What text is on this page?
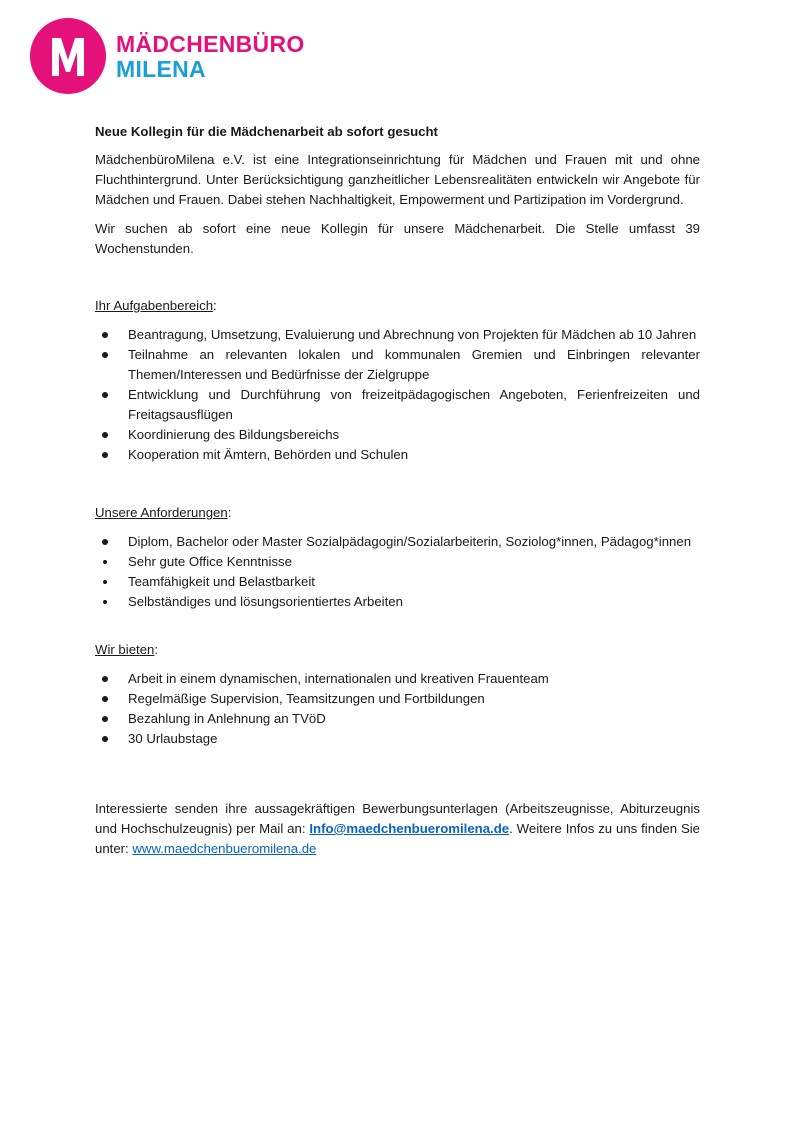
MÄDCHENBÜRO
MILENA
Neue Kollegin für die Mädchenarbeit ab sofort gesucht

MädchenbüroMilena e.V. ist eine Integrationseinrichtung für Mädchen und Frauen mit und ohne Fluchthintergrund. Unter Berücksichtigung ganzheitlicher Lebensrealitäten entwickeln wir Angebote für Mädchen und Frauen. Dabei stehen Nachhaltigkeit, Empowerment und Partizipation im Vordergrund.

Wir suchen ab sofort eine neue Kollegin für unsere Mädchenarbeit. Die Stelle umfasst 39 Wochenstunden.

Ihr Aufgabenbereich:
Beantragung, Umsetzung, Evaluierung und Abrechnung von Projekten für Mädchen ab 10 Jahren
Teilnahme an relevanten lokalen und kommunalen Gremien und Einbringen relevanter Themen/Interessen und Bedürfnisse der Zielgruppe
Entwicklung und Durchführung von freizeitpädagogischen Angeboten, Ferienfreizeiten und Freitagsausflügen
Koordinierung des Bildungsbereichs
Kooperation mit Ämtern, Behörden und Schulen
Unsere Anforderungen:
Diplom, Bachelor oder Master Sozialpädagogin/Sozialarbeiterin, Soziolog*innen, Pädagog*innen
Sehr gute Office Kenntnisse
Teamfähigkeit und Belastbarkeit
Selbständiges und lösungsorientiertes Arbeiten
Wir bieten:
Arbeit in einem dynamischen, internationalen und kreativen Frauenteam
Regelmäßige Supervision, Teamsitzungen und Fortbildungen
Bezahlung in Anlehnung an TVöD
30 Urlaubstage

Interessierte senden ihre aussagekräftigen Bewerbungsunterlagen (Arbeitszeugnisse, Abiturzeugnis und Hochschulzeugnis) per Mail an: Info@maedchenbueromilena.de. Weitere Infos zu uns finden Sie unter: www.maedchenbueromilena.de
